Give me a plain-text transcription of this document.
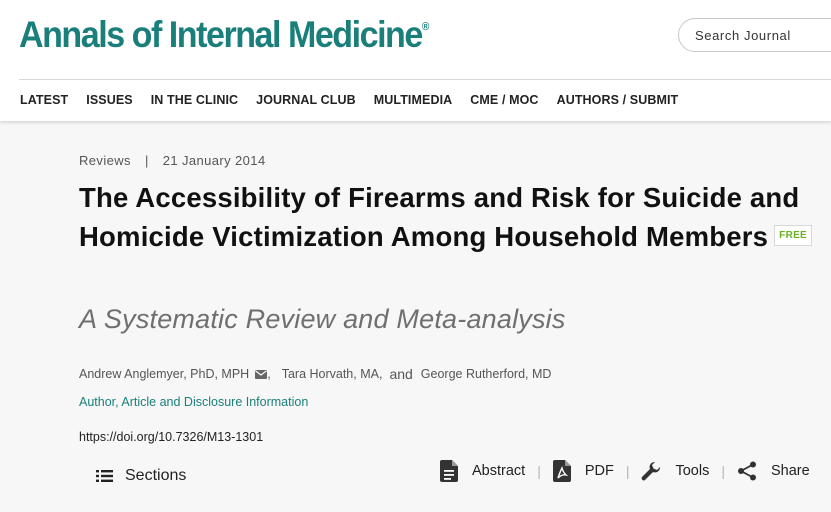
Annals of Internal Medicine®
Search Journal
LATEST ISSUES IN THE CLINIC JOURNAL CLUB MULTIMEDIA CME / MOC AUTHORS / SUBMIT
Reviews | 21 January 2014
The Accessibility of Firearms and Risk for Suicide and Homicide Victimization Among Household Members FREE
A Systematic Review and Meta-analysis
Andrew Anglemyer, PhD, MPH , Tara Horvath, MA, and George Rutherford, MD
Author, Article and Disclosure Information
https://doi.org/10.7326/M13-1301
Sections	Abstract |	PDF |	Tools |	Share
